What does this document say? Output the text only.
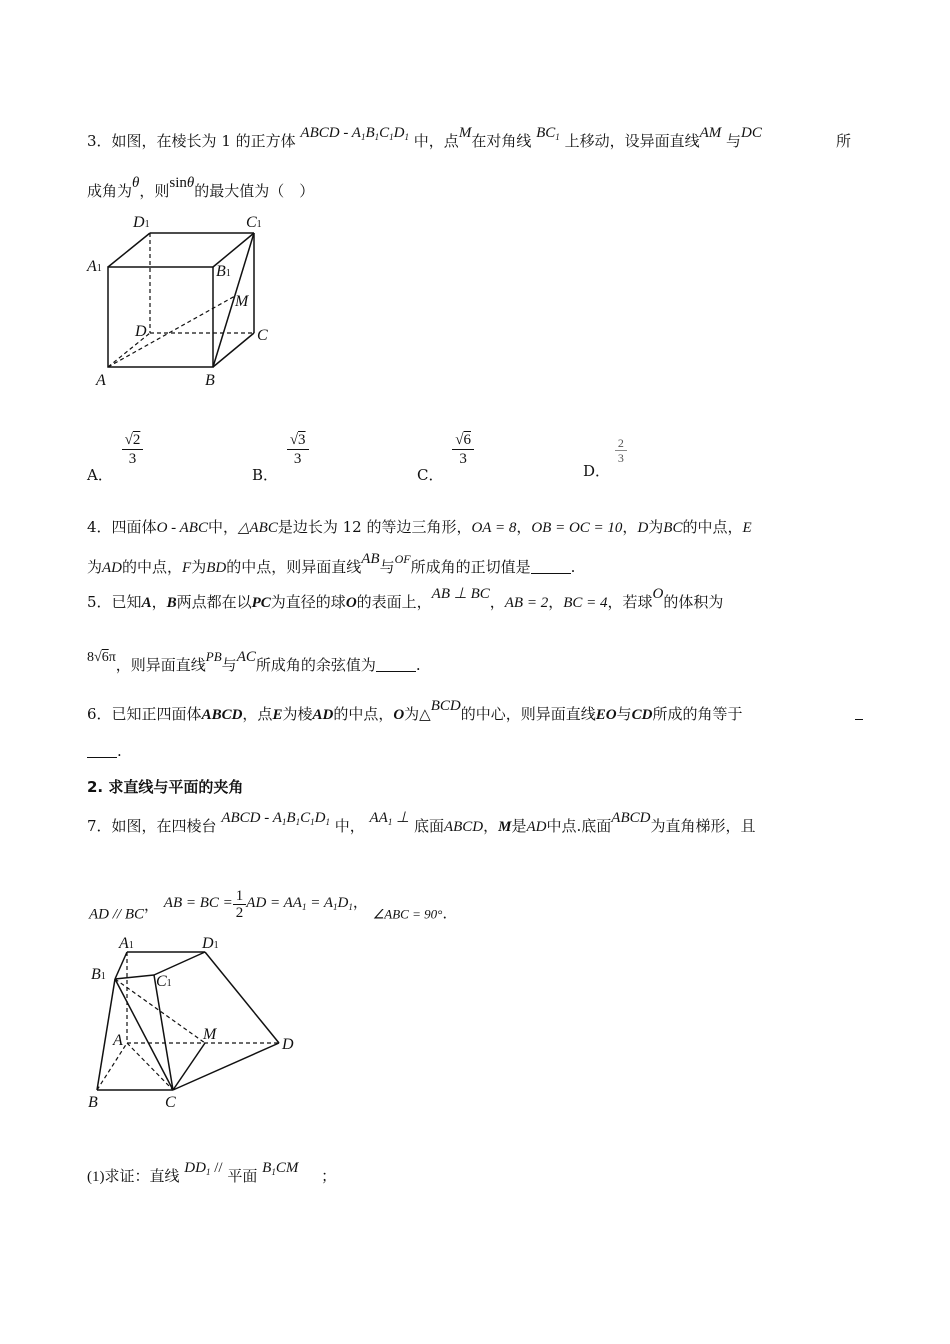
3．如图，在棱长为 1 的正方体 ABCD - $A_1B_1C_1D_1$ 中，点M在对角线 $BC_1$ 上移动，设异面直线AM 与DC	所
成角为θ，则sinθ的最大值为（　）
D1	C1
A1	B1
M
D	C
A	B
A．
$\frac{√2}{3}$
B．
$\frac{√3}{3}$
C．
$\frac{√6}{3}$
D．
$\frac{2}{3}$
4．四面体O - ABC中，△ABC是边长为 12 的等边三角形，OA = 8，OB = OC = 10，D为BC的中点，E
为AD的中点，F为BD的中点，则异面直线AB与$^{OF}$所成角的正切值是	.
5．已知A，B两点都在以PC为直径的球O的表面上，AB ⊥ BC，AB = 2，BC = 4，若球O的体积为
8√6π，则异面直线PB与AC所成角的余弦值为	.
6．已知正四面体ABCD，点E为棱AD的中点，O为△BCD的中心，则异面直线EO与CD所成的角等于
.
2. 求直线与平面的夹角
7．如图，在四棱台 ABCD - $A_1B_1C_1D_1$ 中， $AA_1$ ⊥ 底面ABCD，M是AD中点.底面ABCD为直角梯形，且
AD // BC， AB = BC = $\frac{1}{2}$ AD = $AA_1 = A_1D_1$， ∠ABC = 90°.
A1	D1
B1	C1
M
A	D
B	C
(1)求证：直线 $DD_1$ // 平面 $B_1CM$ ；
